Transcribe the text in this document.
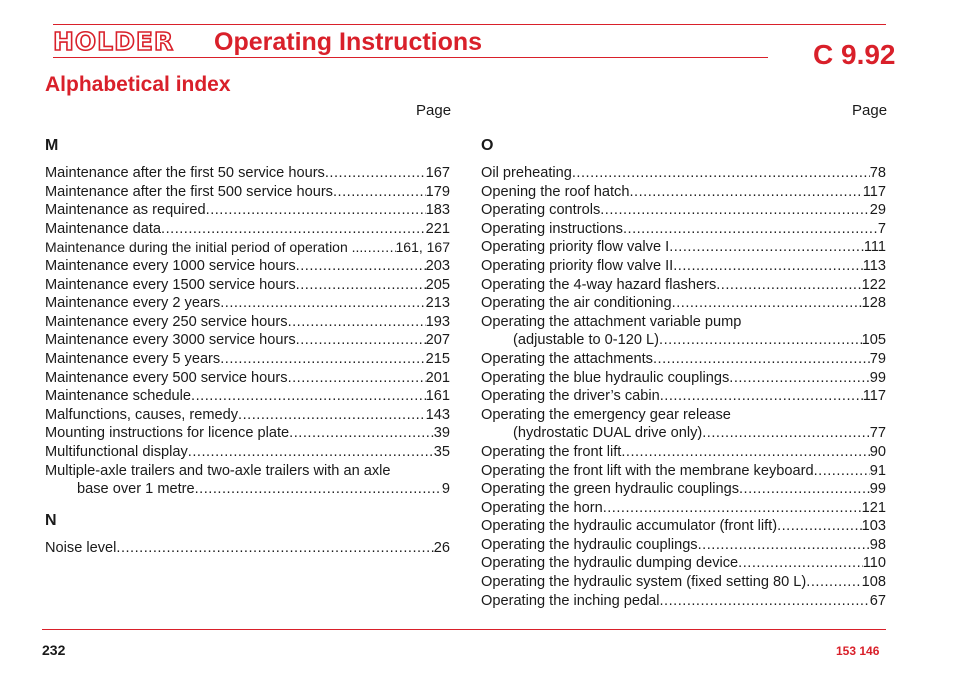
HOLDER Operating Instructions	C 9.92
Alphabetical index
Page	Page
M
Maintenance after the first 50 service hours .....	167
Maintenance after the first 500 service hours .....	179
Maintenance as required .....	183
Maintenance data .....	221
Maintenance during the initial period of operation ... ..... 161, 167
Maintenance every 1000 service hours .....	203
Maintenance every 1500 service hours .....	205
Maintenance every 2 years .....	213
Maintenance every 250 service hours .....	193
Maintenance every 3000 service hours .....	207
Maintenance every 5 years .....	215
Maintenance every 500 service hours .....	201
Maintenance schedule .....	161
Malfunctions, causes, remedy .....	143
Mounting instructions for licence plate .....	39
Multifunctional display .....	35
Multiple-axle trailers and two-axle trailers with an axle
base over 1 metre .....	9
N
Noise level .....	26
O
Oil preheating .....	78
Opening the roof hatch .....	117
Operating controls .....	29
Operating instructions .....	7
Operating priority flow valve I .....	111
Operating priority flow valve II .....	113
Operating the 4-way hazard flashers .....	122
Operating the air conditioning .....	128
Operating the attachment variable pump
(adjustable to 0-120 L) .....	105
Operating the attachments .....	79
Operating the blue hydraulic couplings .....	99
Operating the driver’s cabin .....	117
Operating the emergency gear release
(hydrostatic DUAL drive only) .....	77
Operating the front lift .....	90
Operating the front lift with the membrane keyboard .....	91
Operating the green hydraulic couplings .....	99
Operating the horn .....	121
Operating the hydraulic accumulator (front lift) .....	103
Operating the hydraulic couplings .....	98
Operating the hydraulic dumping device .....	110
Operating the hydraulic system (fixed setting 80 L) .....	108
Operating the inching pedal .....	67
232	153 146
